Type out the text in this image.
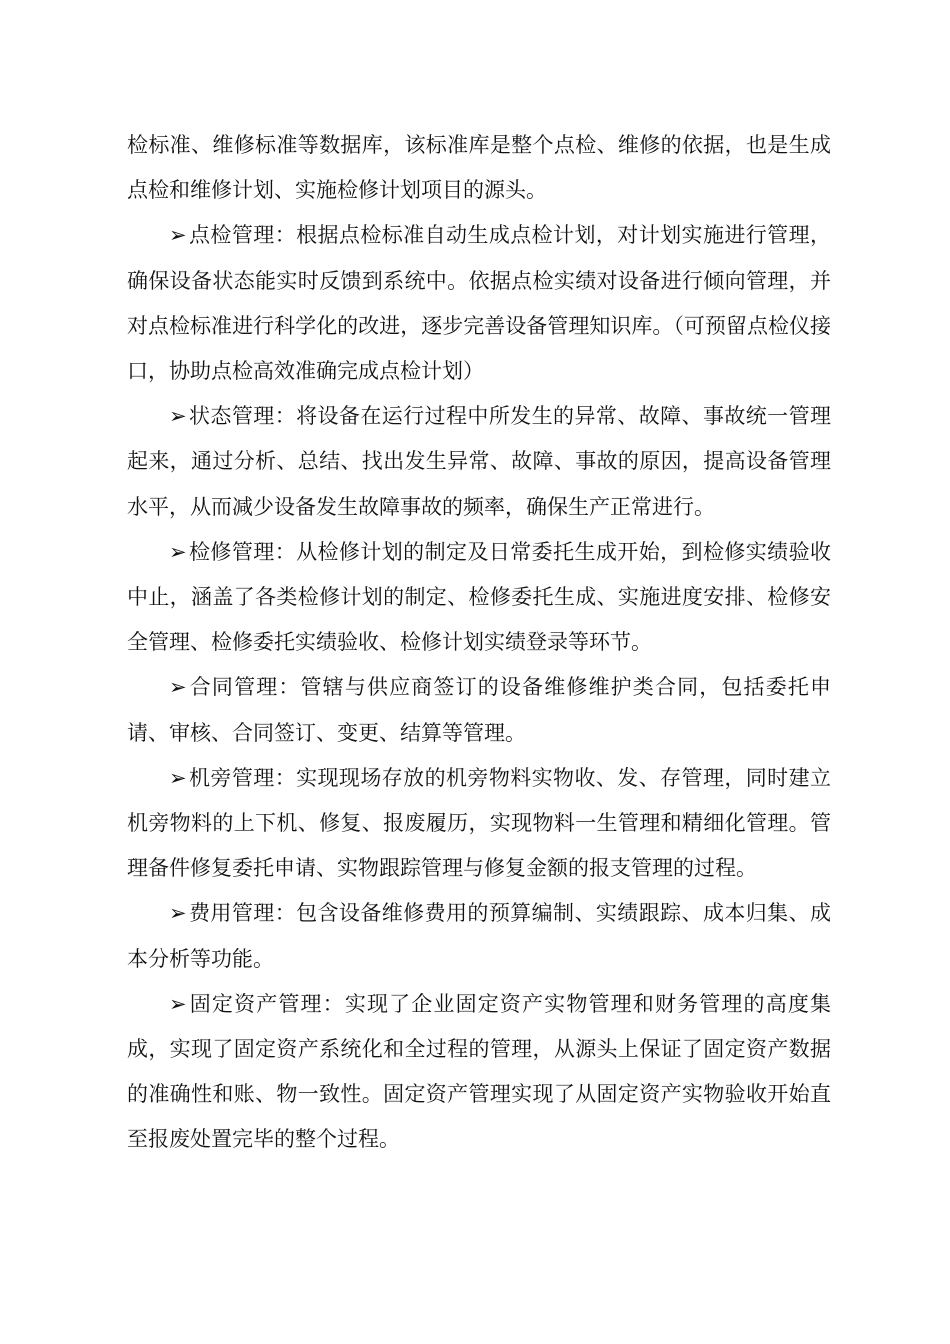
检标准、维修标准等数据库，该标准库是整个点检、维修的依据，也是生成点检和维修计划、实施检修计划项目的源头。

➢点检管理：根据点检标准自动生成点检计划，对计划实施进行管理，确保设备状态能实时反馈到系统中。依据点检实绩对设备进行倾向管理，并对点检标准进行科学化的改进，逐步完善设备管理知识库。（可预留点检仪接口，协助点检高效准确完成点检计划）

➢状态管理：将设备在运行过程中所发生的异常、故障、事故统一管理起来，通过分析、总结、找出发生异常、故障、事故的原因，提高设备管理水平，从而减少设备发生故障事故的频率，确保生产正常进行。

➢检修管理：从检修计划的制定及日常委托生成开始，到检修实绩验收中止，涵盖了各类检修计划的制定、检修委托生成、实施进度安排、检修安全管理、检修委托实绩验收、检修计划实绩登录等环节。

➢合同管理：管辖与供应商签订的设备维修维护类合同，包括委托申请、审核、合同签订、变更、结算等管理。

➢机旁管理：实现现场存放的机旁物料实物收、发、存管理，同时建立机旁物料的上下机、修复、报废履历，实现物料一生管理和精细化管理。管理备件修复委托申请、实物跟踪管理与修复金额的报支管理的过程。

➢费用管理：包含设备维修费用的预算编制、实绩跟踪、成本归集、成本分析等功能。

➢固定资产管理：实现了企业固定资产实物管理和财务管理的高度集成，实现了固定资产系统化和全过程的管理，从源头上保证了固定资产数据的准确性和账、物一致性。固定资产管理实现了从固定资产实物验收开始直至报废处置完毕的整个过程。
